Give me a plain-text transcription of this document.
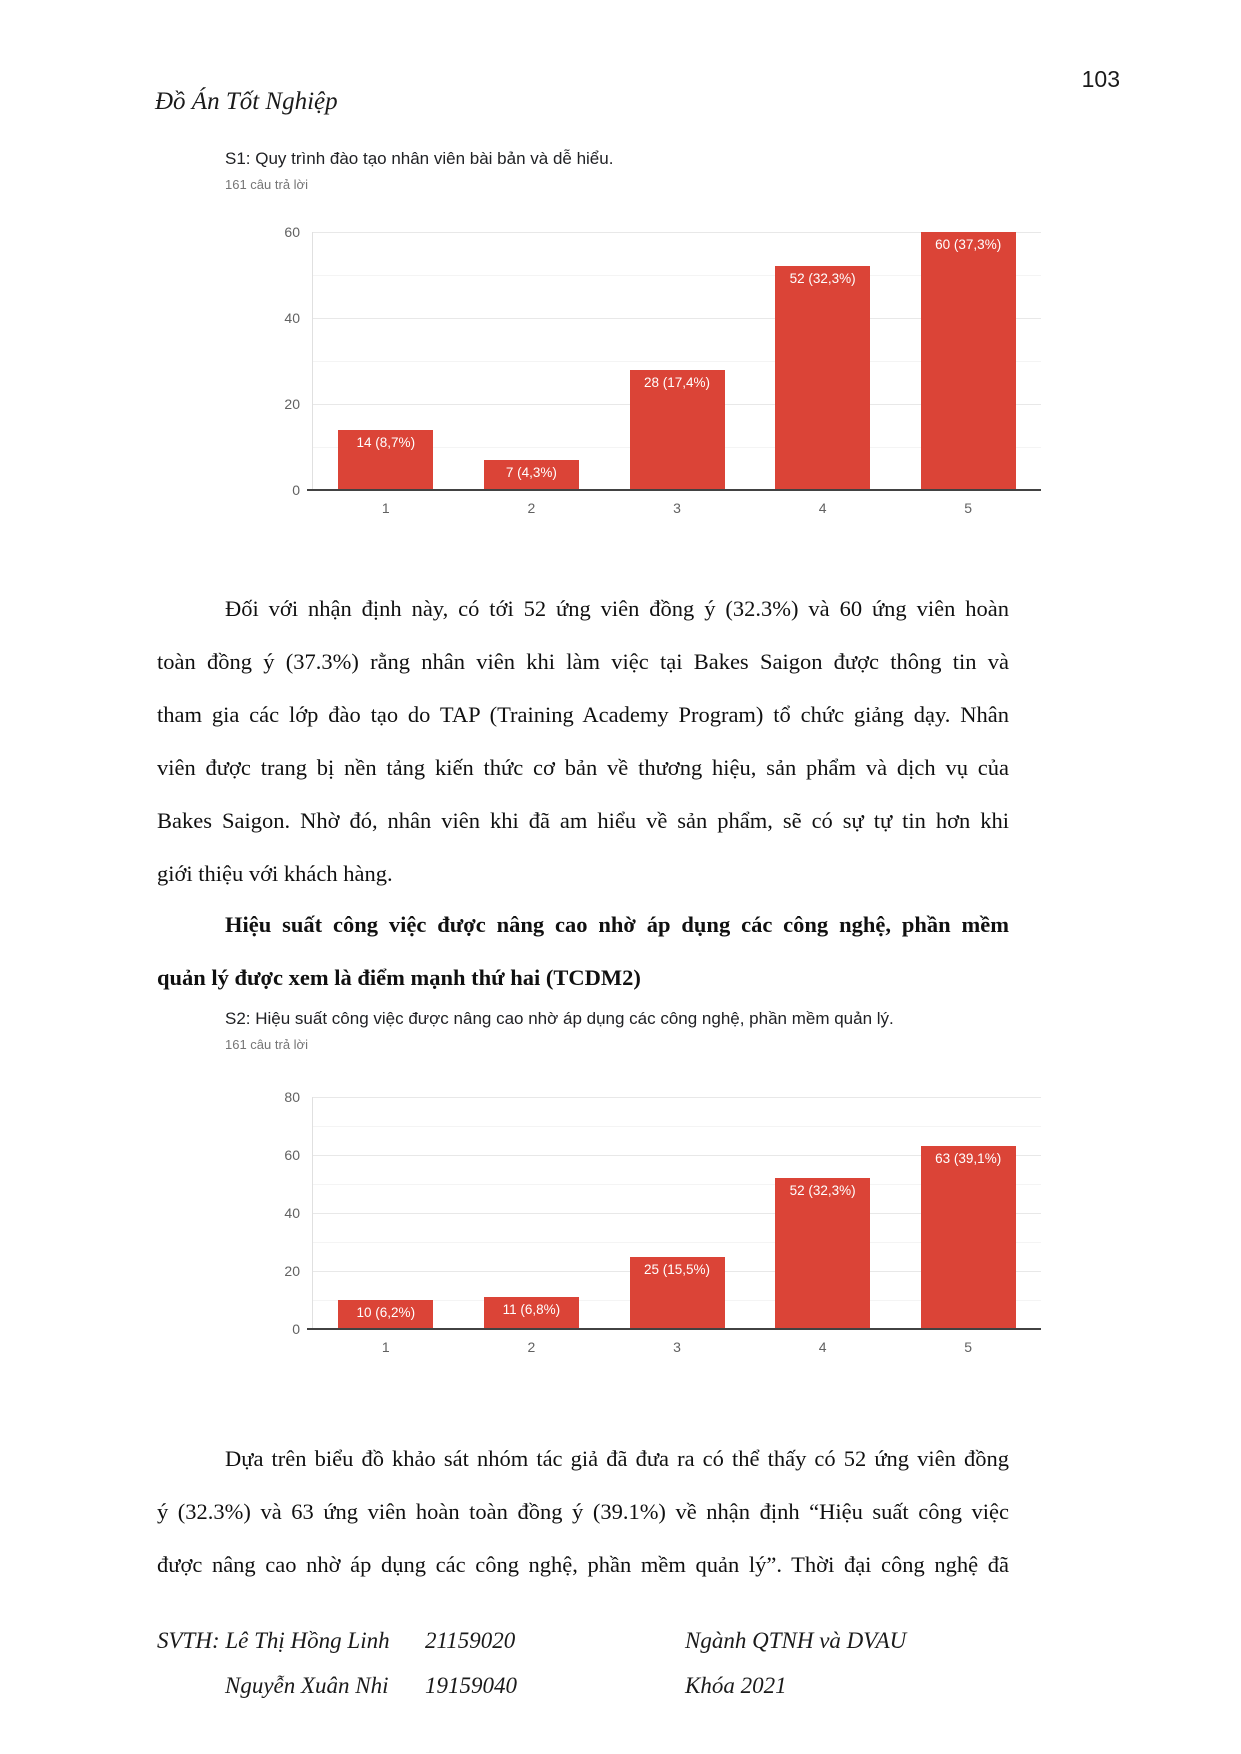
103
Đồ Án Tốt Nghiệp
S1: Quy trình đào tạo nhân viên bài bản và dễ hiểu.
161 câu trả lời
0
20
40
60
14 (8,7%)
1
7 (4,3%)
2
28 (17,4%)
3
52 (32,3%)
4
60 (37,3%)
5
Đối với nhận định này, có tới 52 ứng viên đồng ý (32.3%) và 60 ứng viên hoàn
toàn đồng ý (37.3%) rằng nhân viên khi làm việc tại Bakes Saigon được thông tin và
tham gia các lớp đào tạo do TAP (Training Academy Program) tổ chức giảng dạy. Nhân
viên được trang bị nền tảng kiến thức cơ bản về thương hiệu, sản phẩm và dịch vụ của
Bakes Saigon. Nhờ đó, nhân viên khi đã am hiểu về sản phẩm, sẽ có sự tự tin hơn khi
giới thiệu với khách hàng.
Hiệu suất công việc được nâng cao nhờ áp dụng các công nghệ, phần mềm
quản lý được xem là điểm mạnh thứ hai (TCDM2)
S2: Hiệu suất công việc được nâng cao nhờ áp dụng các công nghệ, phần mềm quản lý.
161 câu trả lời
0
20
40
60
80
10 (6,2%)
1
11 (6,8%)
2
25 (15,5%)
3
52 (32,3%)
4
63 (39,1%)
5
Dựa trên biểu đồ khảo sát nhóm tác giả đã đưa ra có thể thấy có 52 ứng viên đồng
ý (32.3%) và 63 ứng viên hoàn toàn đồng ý (39.1%) về nhận định “Hiệu suất công việc
được nâng cao nhờ áp dụng các công nghệ, phần mềm quản lý”. Thời đại công nghệ đã
SVTH: Lê Thị Hồng Linh 21159020	Ngành QTNH và DVAU
Nguyễn Xuân Nhi 19159040	Khóa 2021
